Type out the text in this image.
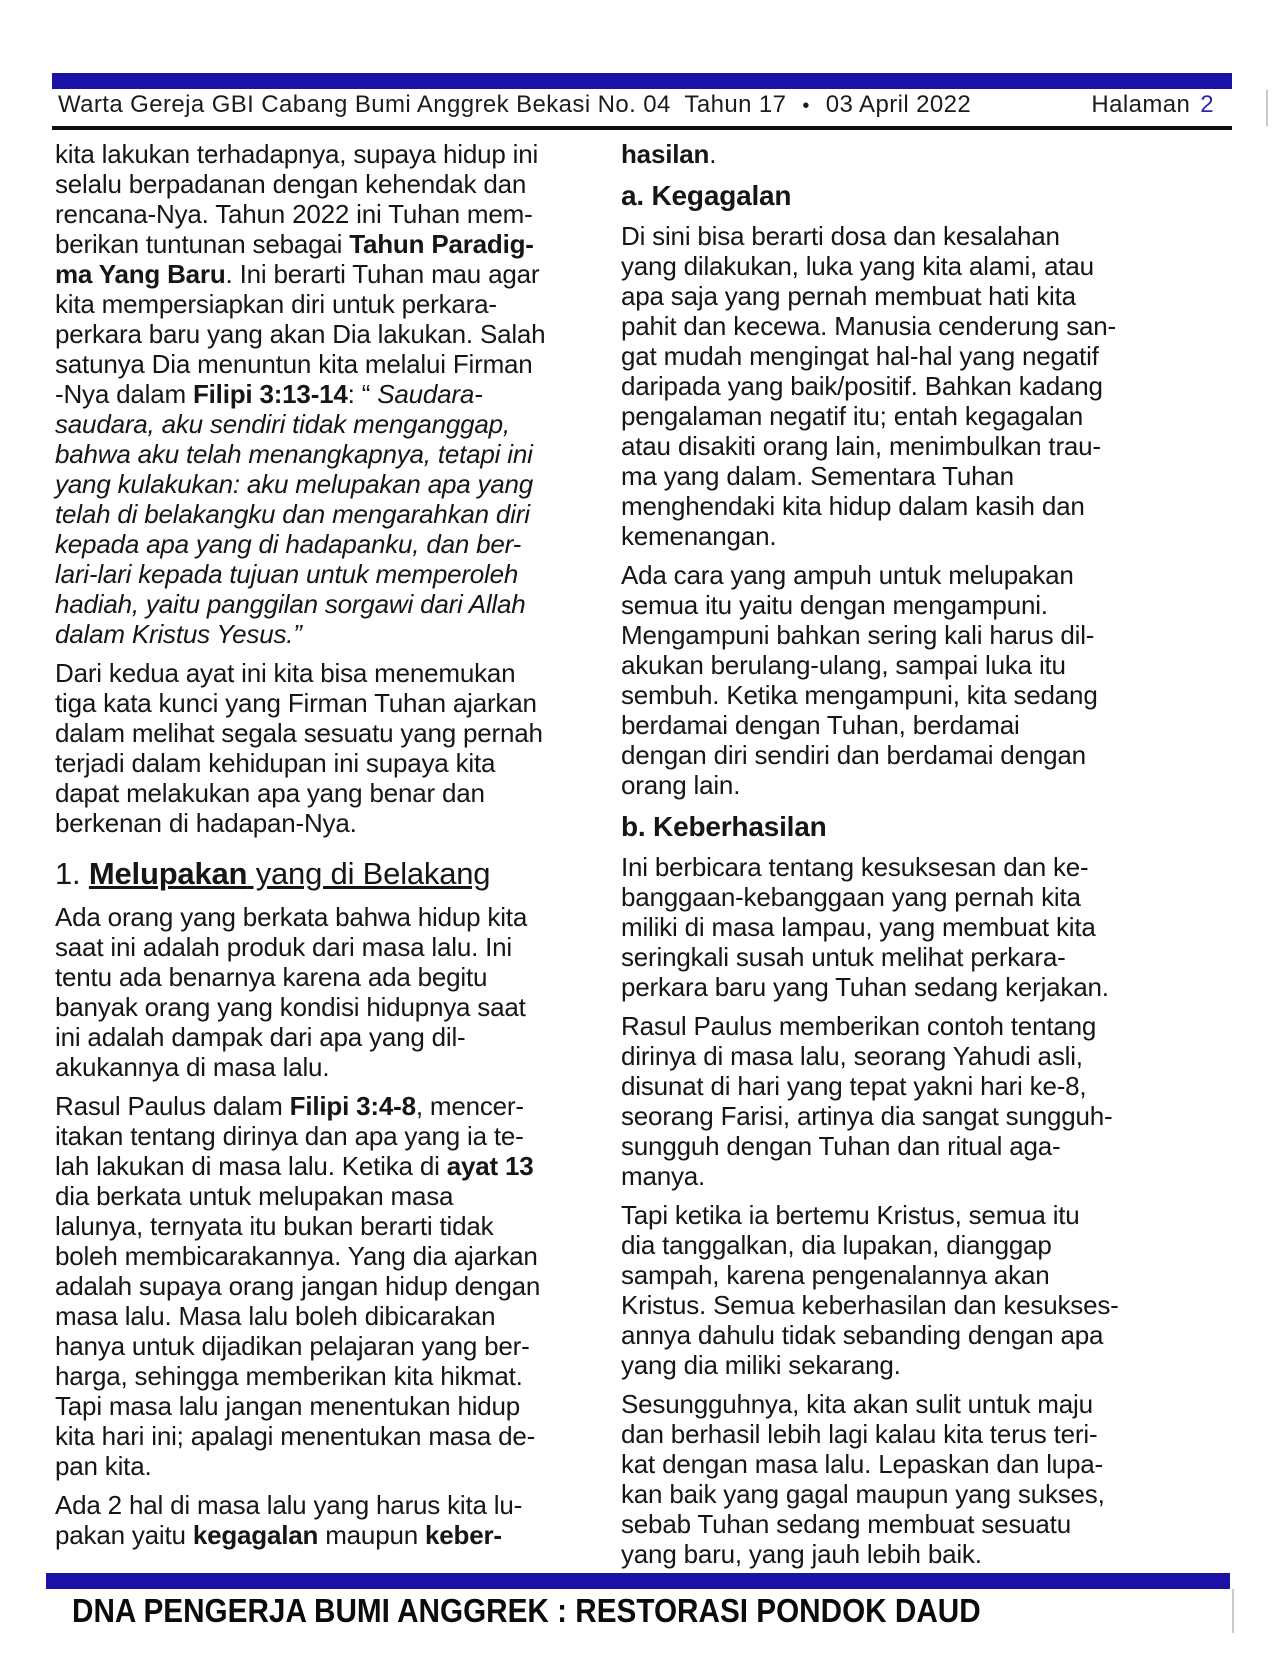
Warta Gereja GBI Cabang Bumi Anggrek Bekasi No. 04  Tahun 17 • 03 April 2022	Halaman 2
kita lakukan terhadapnya, supaya hidup ini
selalu berpadanan dengan kehendak dan
rencana-Nya. Tahun 2022 ini Tuhan mem-
berikan tuntunan sebagai Tahun Paradig-
ma Yang Baru. Ini berarti Tuhan mau agar
kita mempersiapkan diri untuk perkara-
perkara baru yang akan Dia lakukan. Salah
satunya Dia menuntun kita melalui Firman
-Nya dalam Filipi 3:13-14: “ Saudara-
saudara, aku sendiri tidak menganggap,
bahwa aku telah menangkapnya, tetapi ini
yang kulakukan: aku melupakan apa yang
telah di belakangku dan mengarahkan diri
kepada apa yang di hadapanku, dan ber-
lari-lari kepada tujuan untuk memperoleh
hadiah, yaitu panggilan sorgawi dari Allah
dalam Kristus Yesus.”
Dari kedua ayat ini kita bisa menemukan
tiga kata kunci yang Firman Tuhan ajarkan
dalam melihat segala sesuatu yang pernah
terjadi dalam kehidupan ini supaya kita
dapat melakukan apa yang benar dan
berkenan di hadapan-Nya.
1. Melupakan yang di Belakang
Ada orang yang berkata bahwa hidup kita
saat ini adalah produk dari masa lalu. Ini
tentu ada benarnya karena ada begitu
banyak orang yang kondisi hidupnya saat
ini adalah dampak dari apa yang dil-
akukannya di masa lalu.
Rasul Paulus dalam Filipi 3:4-8, mencer-
itakan tentang dirinya dan apa yang ia te-
lah lakukan di masa lalu. Ketika di ayat 13
dia berkata untuk melupakan masa
lalunya, ternyata itu bukan berarti tidak
boleh membicarakannya. Yang dia ajarkan
adalah supaya orang jangan hidup dengan
masa lalu. Masa lalu boleh dibicarakan
hanya untuk dijadikan pelajaran yang ber-
harga, sehingga memberikan kita hikmat.
Tapi masa lalu jangan menentukan hidup
kita hari ini; apalagi menentukan masa de-
pan kita.
Ada 2 hal di masa lalu yang harus kita lu-
pakan yaitu kegagalan maupun keber-
hasilan.
a. Kegagalan
Di sini bisa berarti dosa dan kesalahan
yang dilakukan, luka yang kita alami, atau
apa saja yang pernah membuat hati kita
pahit dan kecewa. Manusia cenderung san-
gat mudah mengingat hal-hal yang negatif
daripada yang baik/positif. Bahkan kadang
pengalaman negatif itu; entah kegagalan
atau disakiti orang lain, menimbulkan trau-
ma yang dalam. Sementara Tuhan
menghendaki kita hidup dalam kasih dan
kemenangan.
Ada cara yang ampuh untuk melupakan
semua itu yaitu dengan mengampuni.
Mengampuni bahkan sering kali harus dil-
akukan berulang-ulang, sampai luka itu
sembuh. Ketika mengampuni, kita sedang
berdamai dengan Tuhan, berdamai
dengan diri sendiri dan berdamai dengan
orang lain.
b. Keberhasilan
Ini berbicara tentang kesuksesan dan ke-
banggaan-kebanggaan yang pernah kita
miliki di masa lampau, yang membuat kita
seringkali susah untuk melihat perkara-
perkara baru yang Tuhan sedang kerjakan.
Rasul Paulus memberikan contoh tentang
dirinya di masa lalu, seorang Yahudi asli,
disunat di hari yang tepat yakni hari ke-8,
seorang Farisi, artinya dia sangat sungguh-
sungguh dengan Tuhan dan ritual aga-
manya.
Tapi ketika ia bertemu Kristus, semua itu
dia tanggalkan, dia lupakan, dianggap
sampah, karena pengenalannya akan
Kristus. Semua keberhasilan dan kesukses-
annya dahulu tidak sebanding dengan apa
yang dia miliki sekarang.
Sesungguhnya, kita akan sulit untuk maju
dan berhasil lebih lagi kalau kita terus teri-
kat dengan masa lalu. Lepaskan dan lupa-
kan baik yang gagal maupun yang sukses,
sebab Tuhan sedang membuat sesuatu
yang baru, yang jauh lebih baik.
DNA PENGERJA BUMI ANGGREK : RESTORASI PONDOK DAUD
